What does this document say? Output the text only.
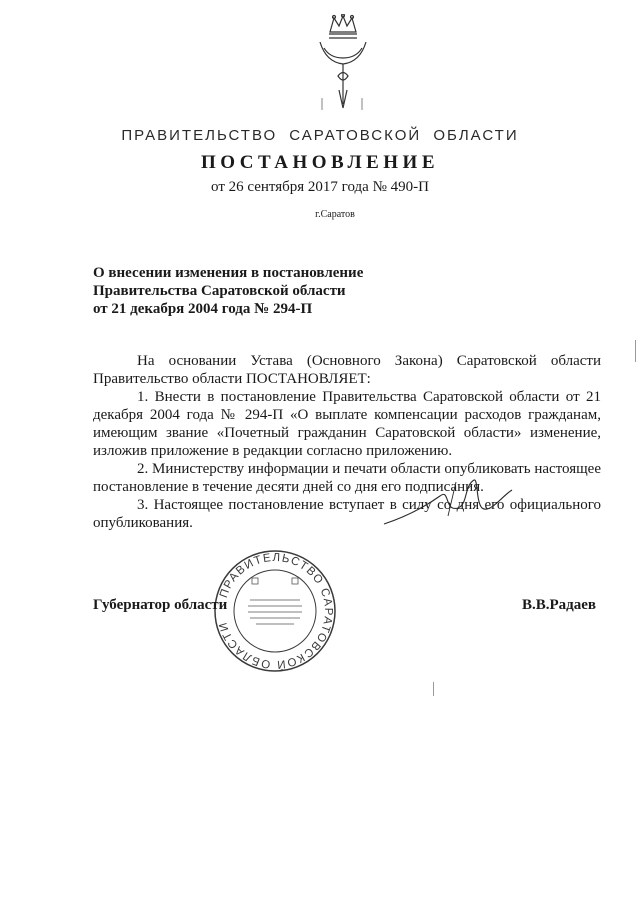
ПРАВИТЕЛЬСТВО САРАТОВСКОЙ ОБЛАСТИ
ПОСТАНОВЛЕНИЕ
от 26 сентября 2017 года № 490-П
г.Саратов
О внесении изменения в постановление
Правительства Саратовской области
от 21 декабря 2004 года № 294-П

На основании Устава (Основного Закона) Саратовской области Правительство области ПОСТАНОВЛЯЕТ:

1. Внести в постановление Правительства Саратовской области от 21 декабря 2004 года № 294-П «О выплате компенсации расходов гражданам, имеющим звание «Почетный гражданин Саратовской области» изменение, изложив приложение в редакции согласно приложению.

2. Министерству информации и печати области опубликовать настоящее постановление в течение десяти дней со дня его подписания.

3. Настоящее постановление вступает в силу со дня его официального опубликования.

ПРАВИТЕЛЬСТВО САРАТОВСКОЙ ОБЛАСТИ
Губернатор области	В.В.Радаев
